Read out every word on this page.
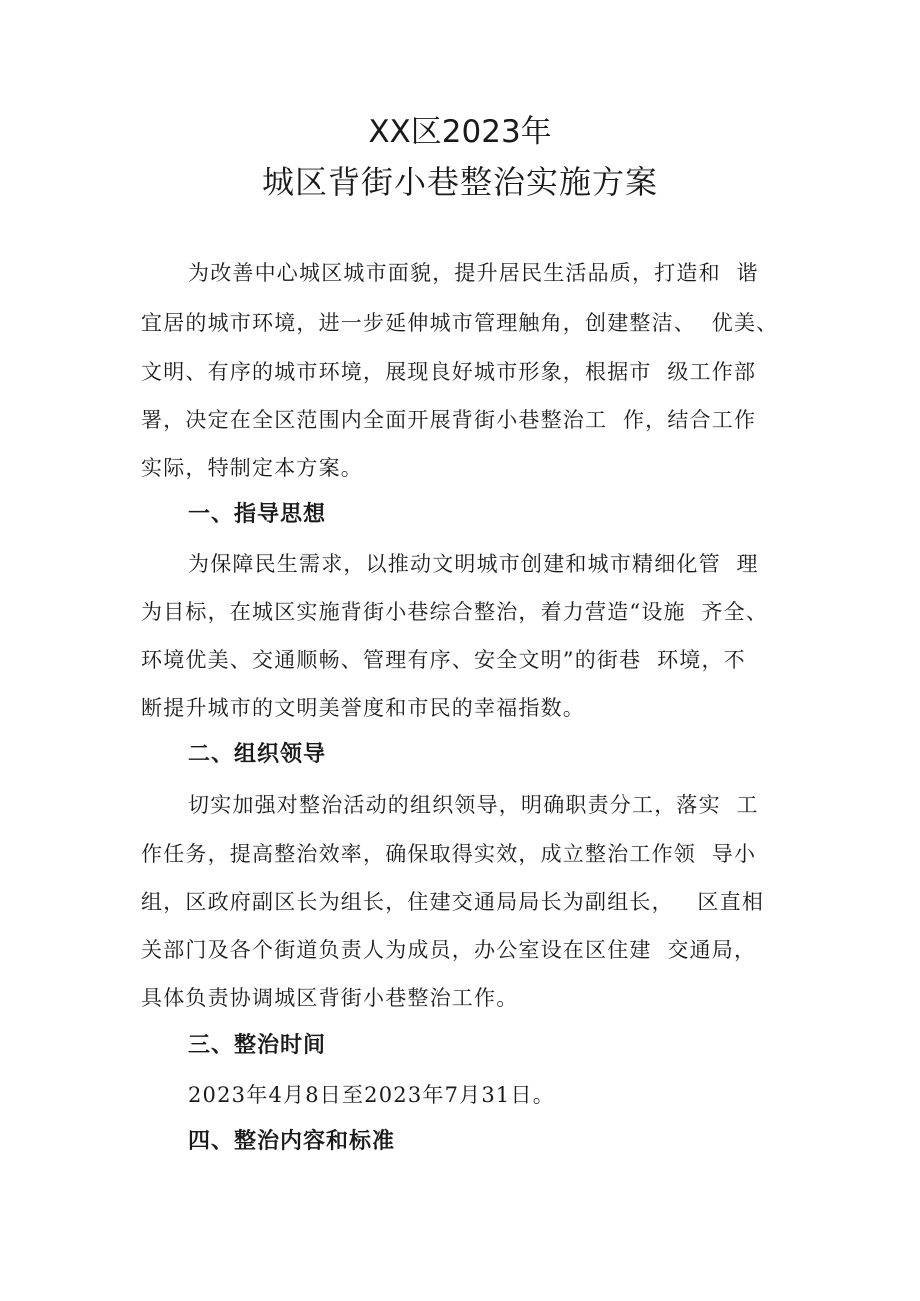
XX区2023年
城区背街小巷整治实施方案
为改善中心城区城市面貌，提升居民生活品质，打造和  谐
宜居的城市环境，进一步延伸城市管理触角，创建整洁、  优美、
文明、有序的城市环境，展现良好城市形象，根据市  级工作部
署，决定在全区范围内全面开展背街小巷整治工  作，结合工作
实际，特制定本方案。
一、指导思想
为保障民生需求，以推动文明城市创建和城市精细化管  理
为目标，在城区实施背街小巷综合整治，着力营造“设施  齐全、
环境优美、交通顺畅、管理有序、安全文明”的街巷  环境，不
断提升城市的文明美誉度和市民的幸福指数。
二、组织领导
切实加强对整治活动的组织领导，明确职责分工，落实  工
作任务，提高整治效率，确保取得实效，成立整治工作领  导小
组，区政府副区长为组长，住建交通局局长为副组长，   区直相
关部门及各个街道负责人为成员，办公室设在区住建  交通局，
具体负责协调城区背街小巷整治工作。
三、整治时间
2023年4月8日至2023年7月31日。
四、整治内容和标准
